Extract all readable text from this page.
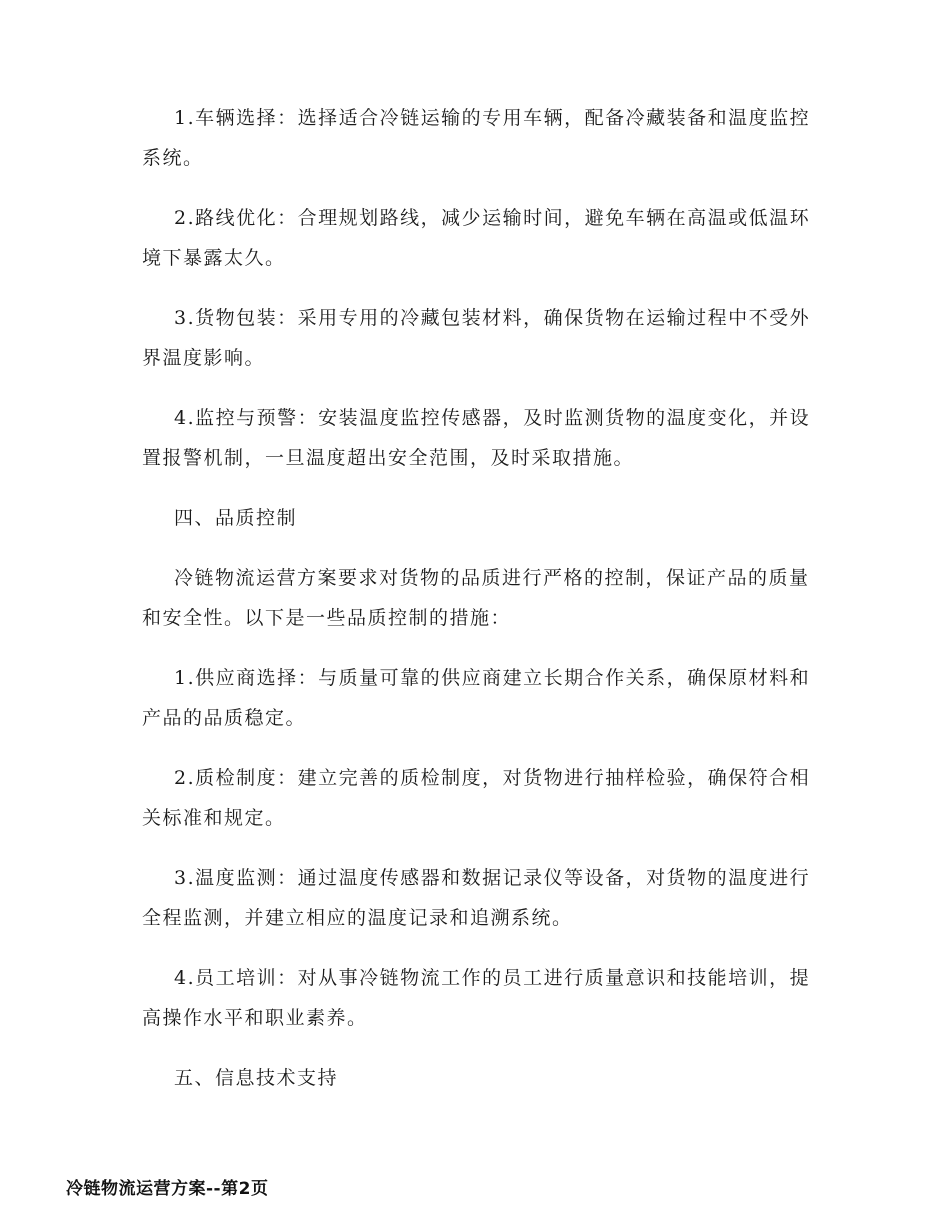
1.车辆选择：选择适合冷链运输的专用车辆，配备冷藏装备和温度监控系统。

2.路线优化：合理规划路线，减少运输时间，避免车辆在高温或低温环境下暴露太久。

3.货物包装：采用专用的冷藏包装材料，确保货物在运输过程中不受外界温度影响。

4.监控与预警：安装温度监控传感器，及时监测货物的温度变化，并设置报警机制，一旦温度超出安全范围，及时采取措施。

四、品质控制

冷链物流运营方案要求对货物的品质进行严格的控制，保证产品的质量和安全性。以下是一些品质控制的措施：

1.供应商选择：与质量可靠的供应商建立长期合作关系，确保原材料和产品的品质稳定。

2.质检制度：建立完善的质检制度，对货物进行抽样检验，确保符合相关标准和规定。

3.温度监测：通过温度传感器和数据记录仪等设备，对货物的温度进行全程监测，并建立相应的温度记录和追溯系统。

4.员工培训：对从事冷链物流工作的员工进行质量意识和技能培训，提高操作水平和职业素养。

五、信息技术支持

冷链物流运营方案--第2页
